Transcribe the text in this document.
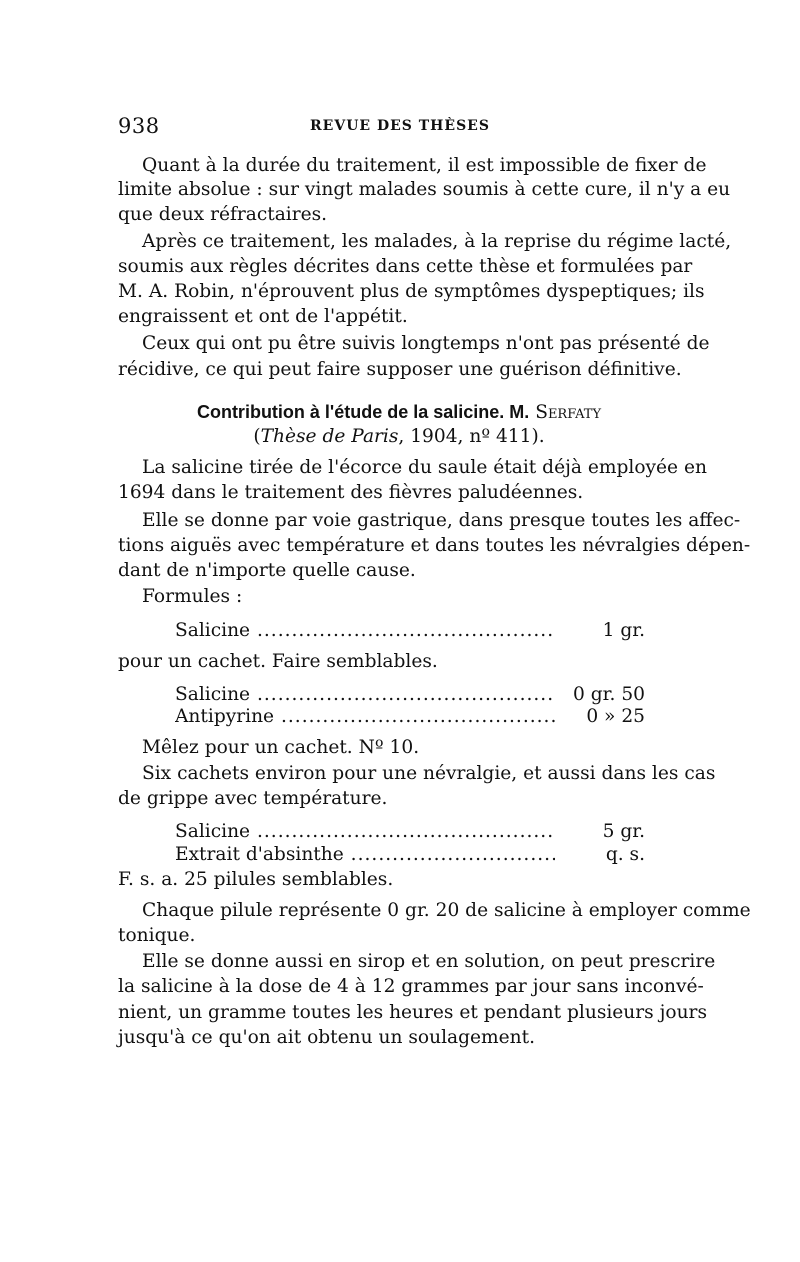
938	REVUE DES THÈSES
Quant à la durée du traitement, il est impossible de fixer de
limite absolue : sur vingt malades soumis à cette cure, il n'y a eu
que deux réfractaires.
Après ce traitement, les malades, à la reprise du régime lacté,
soumis aux règles décrites dans cette thèse et formulées par
M. A. Robin, n'éprouvent plus de symptômes dyspeptiques; ils
engraissent et ont de l'appétit.
Ceux qui ont pu être suivis longtemps n'ont pas présenté de
récidive, ce qui peut faire supposer une guérison définitive.
Contribution à l'étude de la salicine. M. Serfaty
(Thèse de Paris, 1904, nº 411).
La salicine tirée de l'écorce du saule était déjà employée en
1694 dans le traitement des fièvres paludéennes.
Elle se donne par voie gastrique, dans presque toutes les affec-
tions aiguës avec température et dans toutes les névralgies dépen-
dant de n'importe quelle cause.
Formules :
Salicine .....	1 gr.
pour un cachet. Faire semblables.
Salicine .....	0 gr. 50
Antipyrine .....	0 » 25
Mêlez pour un cachet. Nº 10.
Six cachets environ pour une névralgie, et aussi dans les cas
de grippe avec température.
Salicine .....	5 gr.
Extrait d'absinthe .....	q. s.
F. s. a. 25 pilules semblables.
Chaque pilule représente 0 gr. 20 de salicine à employer comme
tonique.
Elle se donne aussi en sirop et en solution, on peut prescrire
la salicine à la dose de 4 à 12 grammes par jour sans inconvé-
nient, un gramme toutes les heures et pendant plusieurs jours
jusqu'à ce qu'on ait obtenu un soulagement.
